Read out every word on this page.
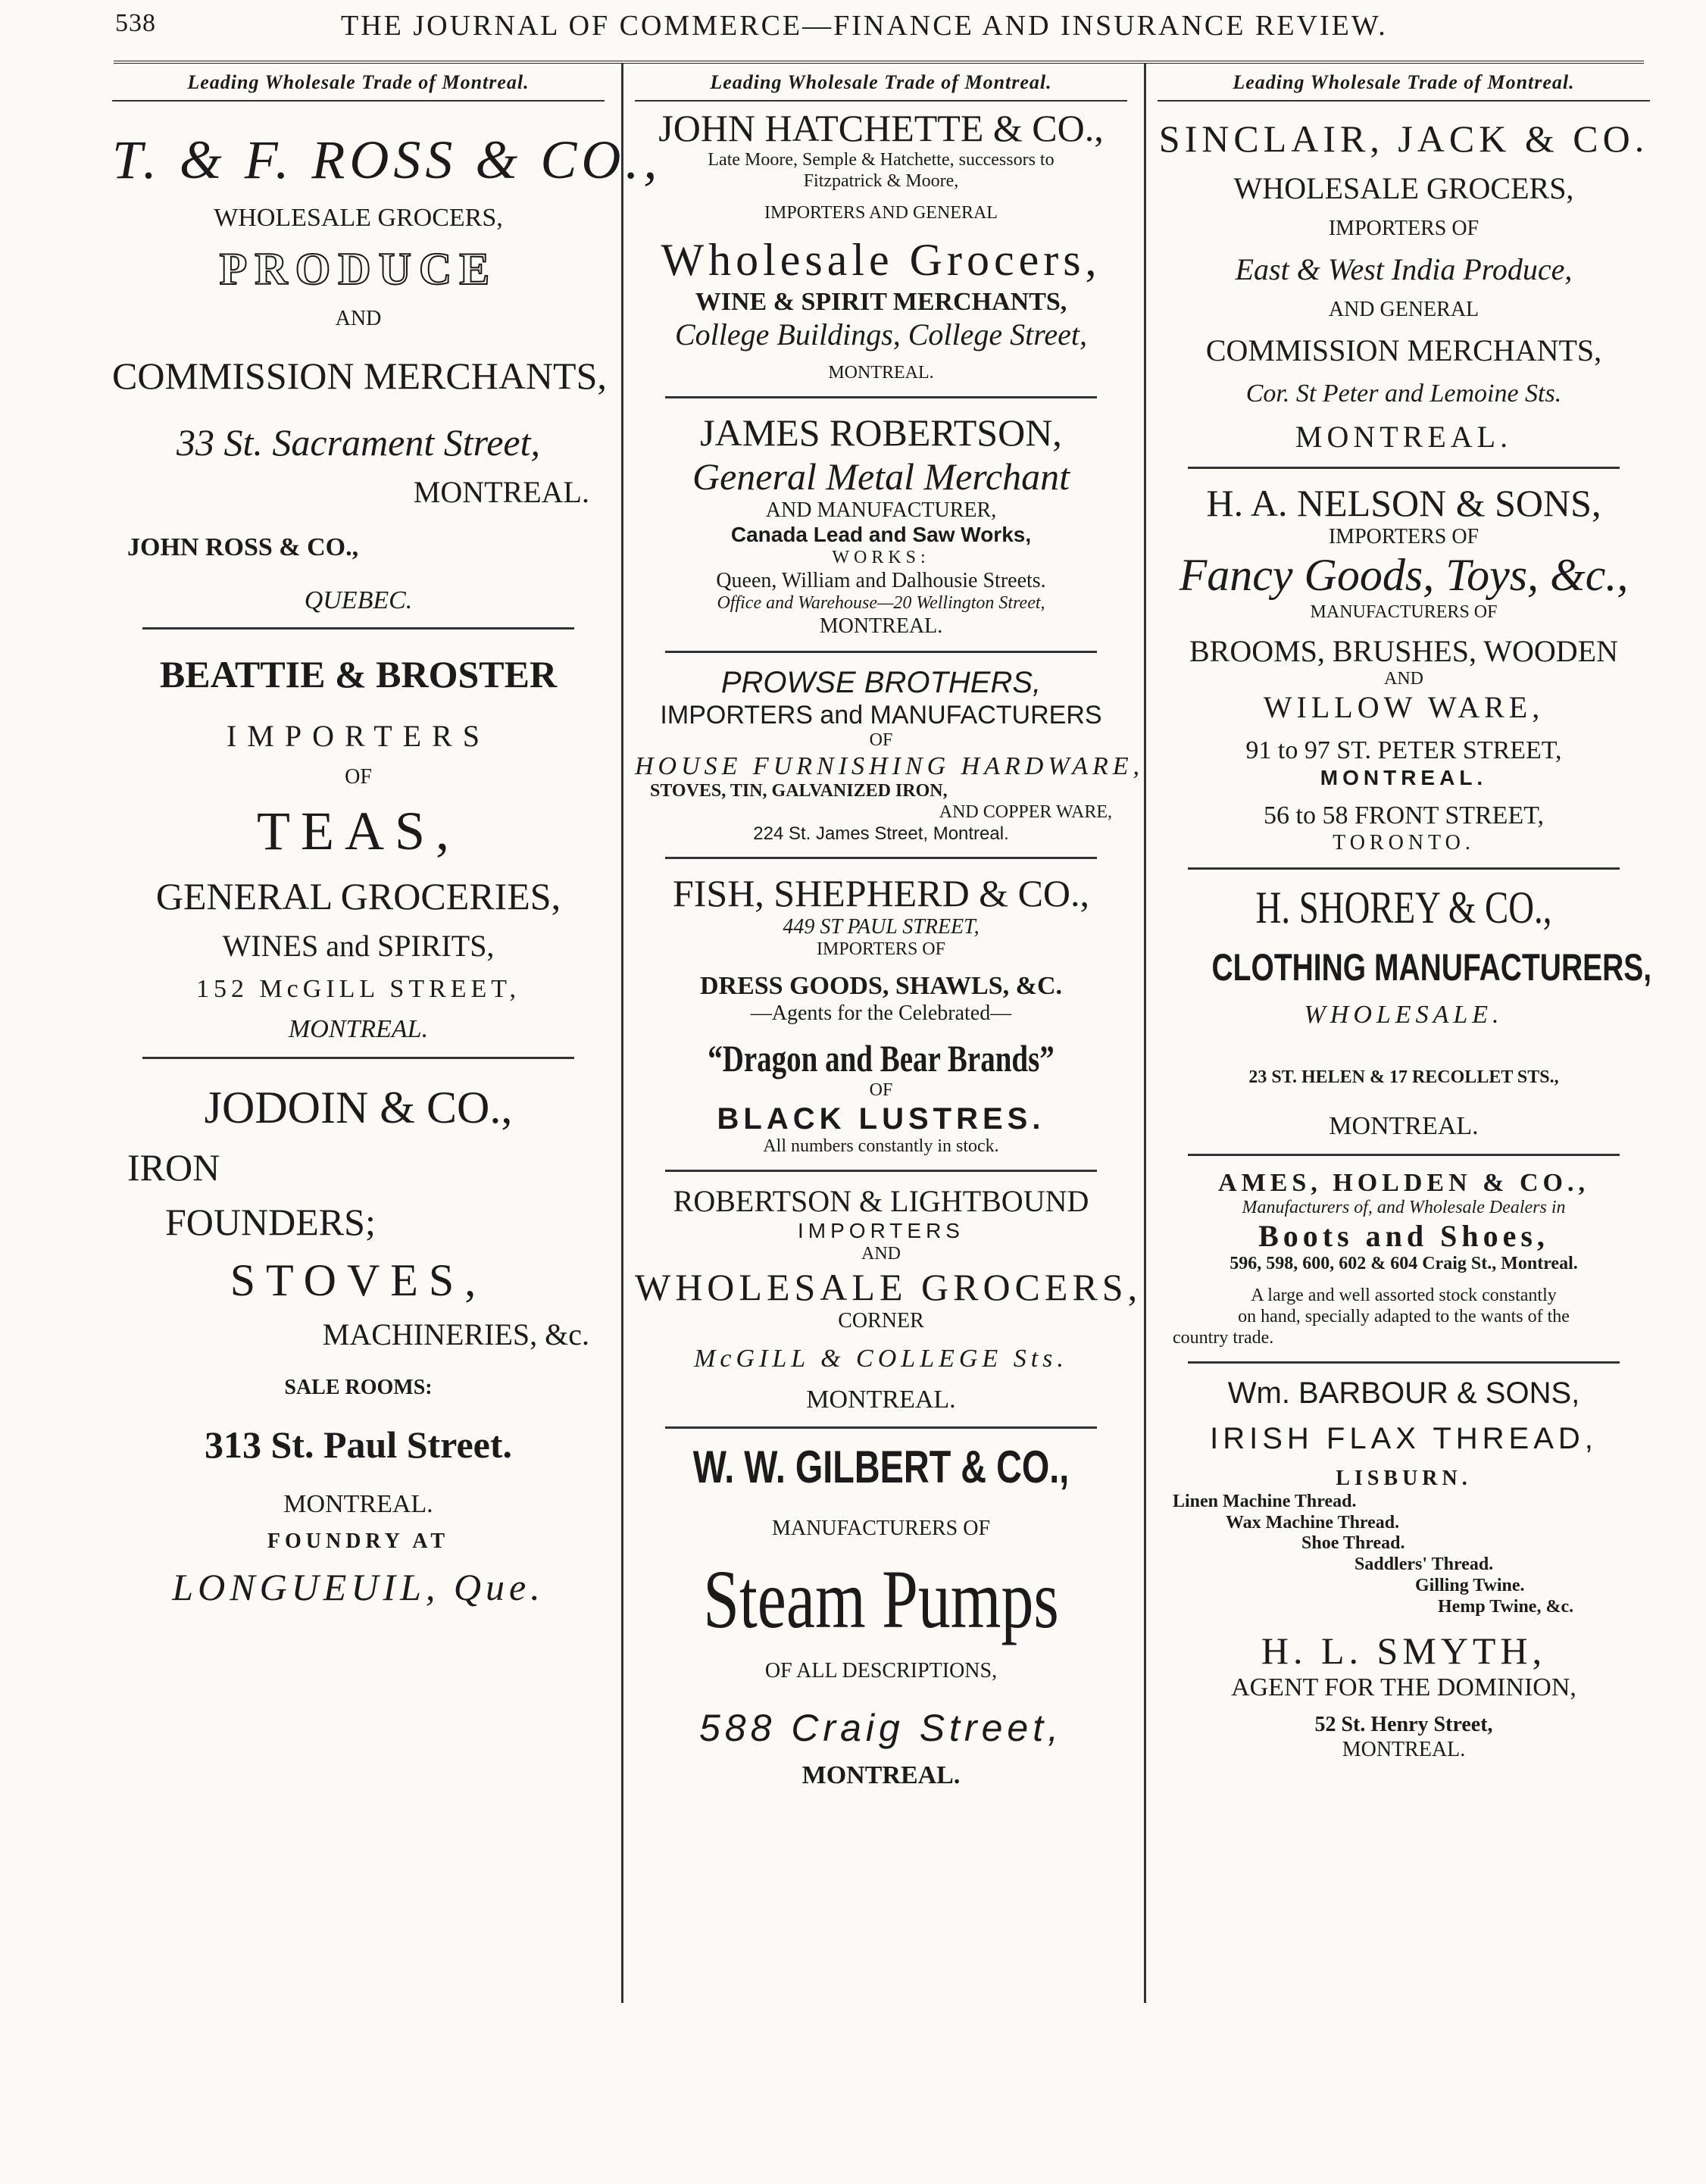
538	THE JOURNAL OF COMMERCE—FINANCE AND INSURANCE REVIEW.
Leading Wholesale Trade of Montreal.
T. & F. ROSS & CO.,
WHOLESALE GROCERS,
PRODUCE
AND
COMMISSION MERCHANTS,
33 St. Sacrament Street,
MONTREAL.
JOHN ROSS & CO.,
QUEBEC.
BEATTIE & BROSTER
IMPORTERS
OF
TEAS,
GENERAL GROCERIES,
WINES and SPIRITS,
152 McGILL STREET,
MONTREAL.
JODOIN & CO.,
IRON
FOUNDERS;
STOVES,
MACHINERIES, &c.
SALE ROOMS:
313 St. Paul Street.
MONTREAL.
FOUNDRY AT
LONGUEUIL, Que.
Leading Wholesale Trade of Montreal.
JOHN HATCHETTE & CO.,
Late Moore, Semple & Hatchette, successors to
Fitzpatrick & Moore,
IMPORTERS AND GENERAL
Wholesale Grocers,
WINE & SPIRIT MERCHANTS,
College Buildings, College Street,
MONTREAL.
JAMES ROBERTSON,
General Metal Merchant
AND MANUFACTURER,
Canada Lead and Saw Works,
WORKS:
Queen, William and Dalhousie Streets.
Office and Warehouse—20 Wellington Street,
MONTREAL.
PROWSE BROTHERS,
IMPORTERS and MANUFACTURERS
OF
HOUSE FURNISHING HARDWARE,
STOVES, TIN, GALVANIZED IRON,
AND COPPER WARE,
224 St. James Street, Montreal.
FISH, SHEPHERD & CO.,
449 ST PAUL STREET,
IMPORTERS OF
DRESS GOODS, SHAWLS, &C.
—Agents for the Celebrated—
“Dragon and Bear Brands”
OF
BLACK LUSTRES.
All numbers constantly in stock.
ROBERTSON & LIGHTBOUND
IMPORTERS
AND
WHOLESALE GROCERS,
CORNER
McGILL & COLLEGE Sts.
MONTREAL.
W. W. GILBERT & CO.,
MANUFACTURERS OF
Steam Pumps
OF ALL DESCRIPTIONS,
588 Craig Street,
MONTREAL.
Leading Wholesale Trade of Montreal.
SINCLAIR, JACK & CO.
WHOLESALE GROCERS,
IMPORTERS OF
East & West India Produce,
AND GENERAL
COMMISSION MERCHANTS,
Cor. St Peter and Lemoine Sts.
MONTREAL.
H. A. NELSON & SONS,
IMPORTERS OF
Fancy Goods, Toys, &c.,
MANUFACTURERS OF
BROOMS, BRUSHES, WOODEN
AND
WILLOW WARE,
91 to 97 ST. PETER STREET,
MONTREAL.
56 to 58 FRONT STREET,
TORONTO.
H. SHOREY & CO.,
CLOTHING MANUFACTURERS,
WHOLESALE.
23 ST. HELEN & 17 RECOLLET STS.,
MONTREAL.
AMES, HOLDEN & CO.,
Manufacturers of, and Wholesale Dealers in
Boots and Shoes,
596, 598, 600, 602 & 604 Craig St., Montreal.
A large and well assorted stock constantly
on hand, specially adapted to the wants of the
country trade.
Wm. BARBOUR & SONS,
IRISH FLAX THREAD,
LISBURN.
Linen Machine Thread.
Wax Machine Thread.
Shoe Thread.
Saddlers' Thread.
Gilling Twine.
Hemp Twine, &c.
H. L. SMYTH,
AGENT FOR THE DOMINION,
52 St. Henry Street,
MONTREAL.
